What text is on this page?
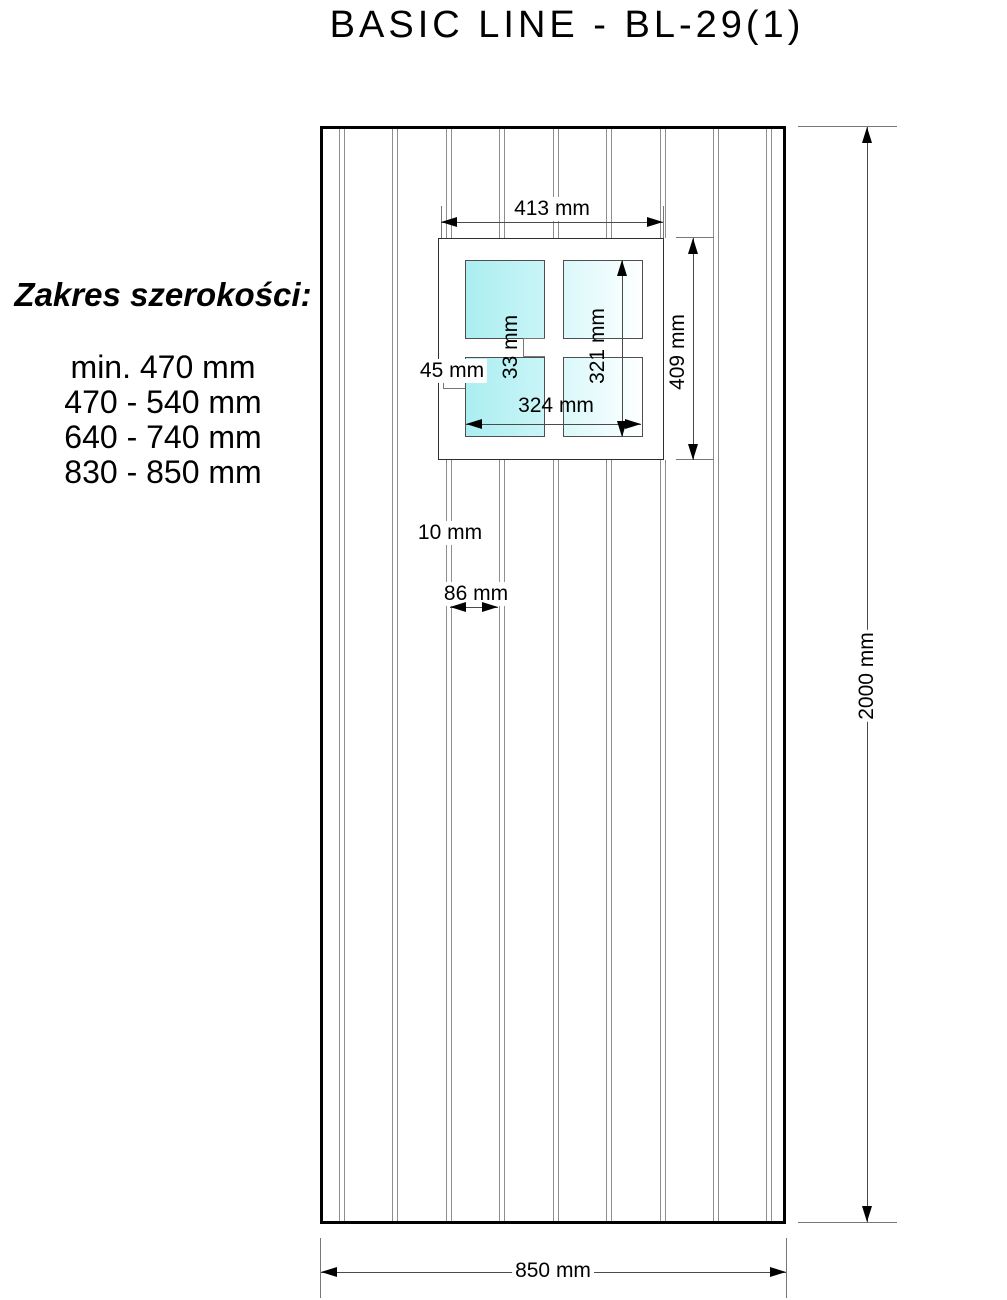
BASIC LINE - BL-29(1)
Zakres szerokości:
min. 470 mm
470 - 540 mm
640 - 740 mm
830 - 850 mm
413 mm
409 mm
321 mm
324 mm
33 mm
45 mm
10 mm
86 mm
2000 mm
850 mm
